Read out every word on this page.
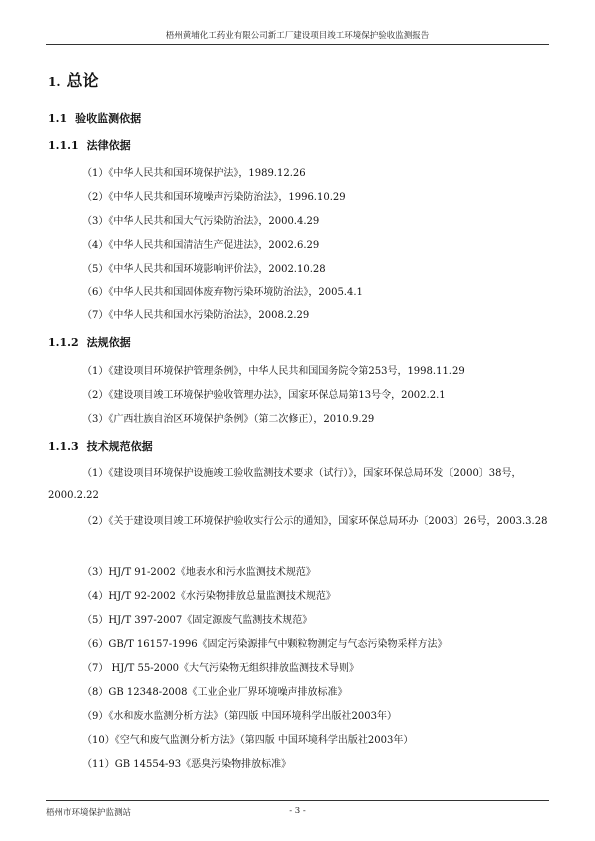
梧州黄埔化工药业有限公司新工厂建设项目竣工环境保护验收监测报告
1. 总论
1.1 验收监测依据
1.1.1 法律依据
（1）《中华人民共和国环境保护法》，1989.12.26
（2）《中华人民共和国环境噪声污染防治法》，1996.10.29
（3）《中华人民共和国大气污染防治法》，2000.4.29
（4）《中华人民共和国清洁生产促进法》，2002.6.29
（5）《中华人民共和国环境影响评价法》，2002.10.28
（6）《中华人民共和国固体废弃物污染环境防治法》，2005.4.1
（7）《中华人民共和国水污染防治法》，2008.2.29
1.1.2 法规依据
（1）《建设项目环境保护管理条例》，中华人民共和国国务院令第253号，1998.11.29
（2）《建设项目竣工环境保护验收管理办法》，国家环保总局第13号令，2002.2.1
（3）《广西壮族自治区环境保护条例》（第二次修正），2010.9.29
1.1.3 技术规范依据
（1）《建设项目环境保护设施竣工验收监测技术要求（试行）》，国家环保总局环发〔2000〕38号，2000.2.22
（2）《关于建设项目竣工环境保护验收实行公示的通知》，国家环保总局环办〔2003〕26号，2003.3.28
（3）HJ/T 91-2002《地表水和污水监测技术规范》
（4）HJ/T 92-2002《水污染物排放总量监测技术规范》
（5）HJ/T 397-2007《固定源废气监测技术规范》
（6）GB/T 16157-1996《固定污染源排气中颗粒物测定与气态污染物采样方法》
（7） HJ/T 55-2000《大气污染物无组织排放监测技术导则》
（8）GB 12348-2008《工业企业厂界环境噪声排放标准》
（9）《水和废水监测分析方法》（第四版 中国环境科学出版社2003年）
（10）《空气和废气监测分析方法》（第四版 中国环境科学出版社2003年）
（11）GB 14554-93《恶臭污染物排放标准》
梧州市环境保护监测站	- 3 -
